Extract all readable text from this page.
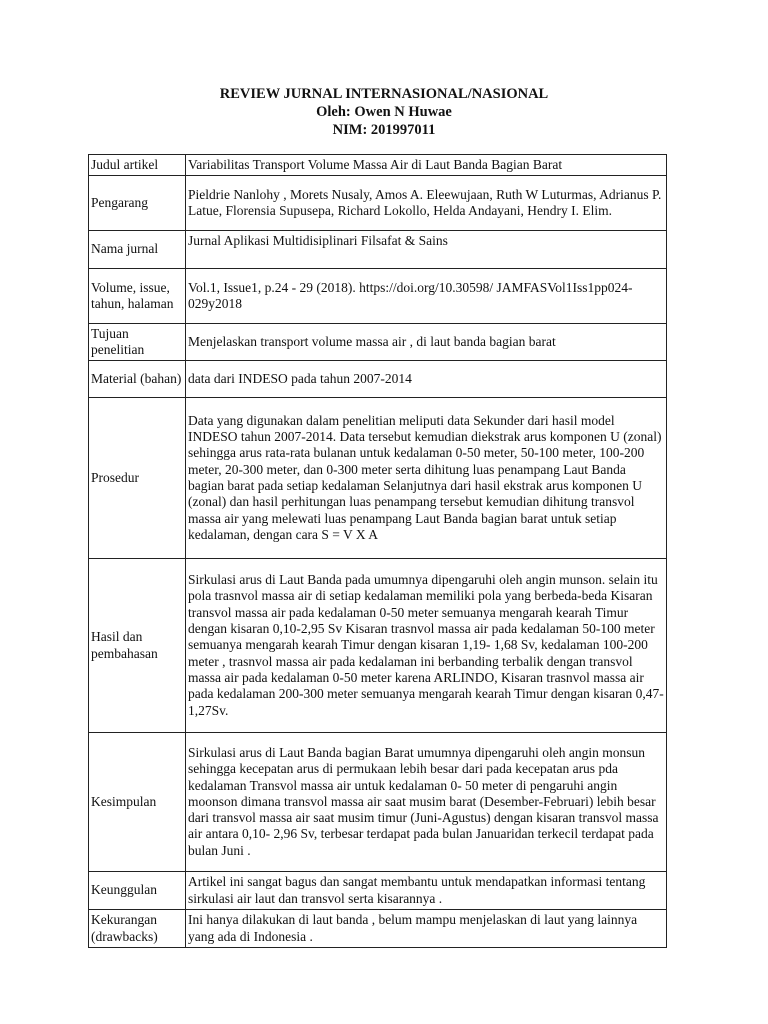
REVIEW JURNAL INTERNASIONAL/NASIONAL
Oleh: Owen N Huwae
NIM: 201997011
Judul artikel	Variabilitas Transport Volume Massa Air di Laut Banda Bagian Barat
Pengarang	Pieldrie Nanlohy , Morets Nusaly, Amos A. Eleewujaan, Ruth W Luturmas, Adrianus P. Latue, Florensia Supusepa, Richard Lokollo, Helda Andayani, Hendry I. Elim.
Nama jurnal	Jurnal Aplikasi Multidisiplinari Filsafat & Sains
Volume, issue, tahun, halaman	Vol.1, Issue1, p.24 - 29 (2018). https://doi.org/10.30598/ JAMFASVol1Iss1pp024-029y2018
Tujuan penelitian	Menjelaskan transport volume massa air , di laut banda bagian barat
Material (bahan)	data dari INDESO pada tahun 2007-2014
Prosedur	Data yang digunakan dalam penelitian meliputi data Sekunder dari hasil model INDESO tahun 2007-2014. Data tersebut kemudian diekstrak arus komponen U (zonal) sehingga arus rata-rata bulanan untuk kedalaman 0-50 meter, 50-100 meter, 100-200 meter, 20-300 meter, dan 0-300 meter serta dihitung luas penampang Laut Banda bagian barat pada setiap kedalaman Selanjutnya dari hasil ekstrak arus komponen U (zonal) dan hasil perhitungan luas penampang tersebut kemudian dihitung transvol massa air yang melewati luas penampang Laut Banda bagian barat untuk setiap kedalaman, dengan cara S = V X A
Hasil dan pembahasan	Sirkulasi arus di Laut Banda pada umumnya dipengaruhi oleh angin munson. selain itu pola trasnvol massa air di setiap kedalaman memiliki pola yang berbeda-beda Kisaran transvol massa air pada kedalaman 0-50 meter semuanya mengarah kearah Timur dengan kisaran 0,10-2,95 Sv Kisaran trasnvol massa air pada kedalaman 50-100 meter semuanya mengarah kearah Timur dengan kisaran 1,19- 1,68 Sv, kedalaman 100-200 meter , trasnvol massa air pada kedalaman ini berbanding terbalik dengan transvol massa air pada kedalaman 0-50 meter karena ARLINDO, Kisaran trasnvol massa air pada kedalaman 200-300 meter semuanya mengarah kearah Timur dengan kisaran 0,47- 1,27Sv.
Kesimpulan	Sirkulasi arus di Laut Banda bagian Barat umumnya dipengaruhi oleh angin monsun sehingga kecepatan arus di permukaan lebih besar dari pada kecepatan arus pda kedalaman Transvol massa air untuk kedalaman 0- 50 meter di pengaruhi angin moonson dimana transvol massa air saat musim barat (Desember-Februari) lebih besar dari transvol massa air saat musim timur (Juni-Agustus) dengan kisaran transvol massa air antara 0,10- 2,96 Sv, terbesar terdapat pada bulan Januaridan terkecil terdapat pada bulan Juni .
Keunggulan	Artikel ini sangat bagus dan sangat membantu untuk mendapatkan informasi tentang sirkulasi air laut dan transvol serta kisarannya .
Kekurangan (drawbacks)	Ini hanya dilakukan di laut banda , belum mampu menjelaskan di laut yang lainnya yang ada di Indonesia .
